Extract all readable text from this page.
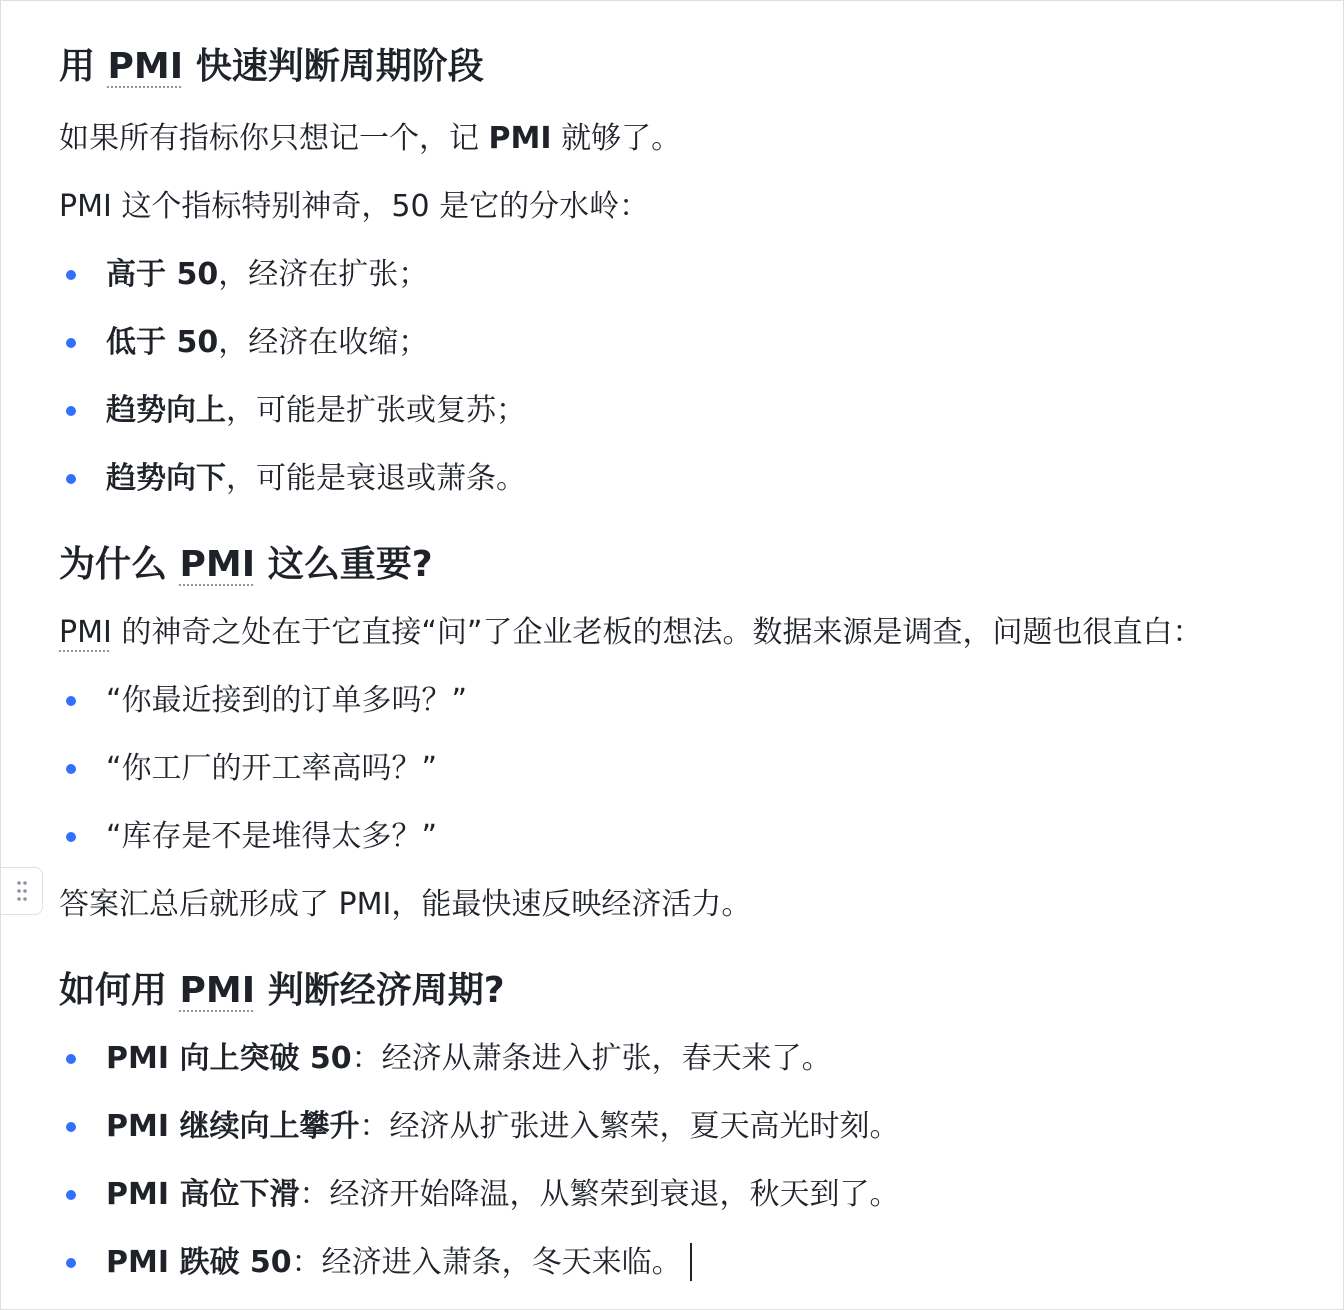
用 PMI 快速判断周期阶段

如果所有指标你只想记一个，记 PMI 就够了。

PMI 这个指标特别神奇，50 是它的分水岭：

高于 50，经济在扩张；
低于 50，经济在收缩；
趋势向上，可能是扩张或复苏；
趋势向下，可能是衰退或萧条。
为什么 PMI 这么重要?

PMI 的神奇之处在于它直接“问”了企业老板的想法。数据来源是调查，问题也很直白：

“你最近接到的订单多吗？”
“你工厂的开工率高吗？”
“库存是不是堆得太多？”

答案汇总后就形成了 PMI，能最快速反映经济活力。

如何用 PMI 判断经济周期?
PMI 向上突破 50：经济从萧条进入扩张，春天来了。
PMI 继续向上攀升：经济从扩张进入繁荣，夏天高光时刻。
PMI 高位下滑：经济开始降温，从繁荣到衰退，秋天到了。
PMI 跌破 50：经济进入萧条，冬天来临。
